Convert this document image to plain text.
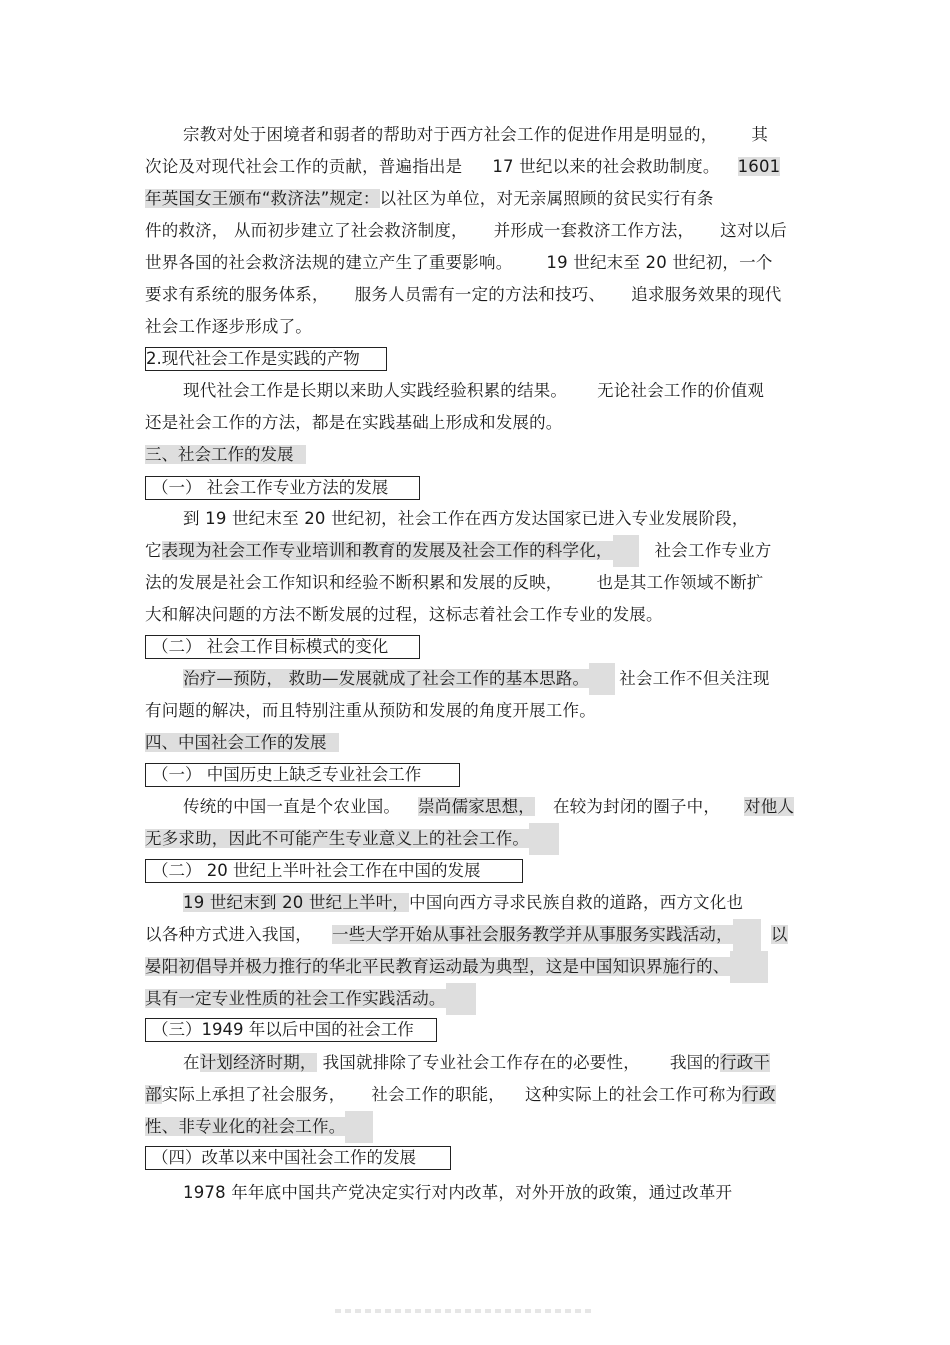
宗教对处于困境者和弱者的帮助对于西方社会工作的促进作用是明显的， 其
次论及对现代社会工作的贡献，普遍指出是 17 世纪以来的社会救助制度。 1601
年英国女王颁布“救济法”规定：以社区为单位，对无亲属照顾的贫民实行有条
件的救济， 从而初步建立了社会救济制度， 并形成一套救济工作方法， 这对以后
世界各国的社会救济法规的建立产生了重要影响。 19 世纪末至 20 世纪初，一个
要求有系统的服务体系， 服务人员需有一定的方法和技巧、 追求服务效果的现代
社会工作逐步形成了。
2.现代社会工作是实践的产物
现代社会工作是长期以来助人实践经验积累的结果。 无论社会工作的价值观
还是社会工作的方法，都是在实践基础上形成和发展的。
三、社会工作的发展
（一） 社会工作专业方法的发展
到 19 世纪末至 20 世纪初，社会工作在西方发达国家已进入专业发展阶段，
它表现为社会工作专业培训和教育的发展及社会工作的科学化，	社会工作专业方
法的发展是社会工作知识和经验不断积累和发展的反映， 也是其工作领域不断扩
大和解决问题的方法不断发展的过程，这标志着社会工作专业的发展。
（二） 社会工作目标模式的变化
治疗—预防， 救助—发展就成了社会工作的基本思路。 社会工作不但关注现
有问题的解决，而且特别注重从预防和发展的角度开展工作。
四、中国社会工作的发展
（一） 中国历史上缺乏专业社会工作
传统的中国一直是个农业国。 崇尚儒家思想， 在较为封闭的圈子中， 对他人
无多求助，因此不可能产生专业意义上的社会工作。
（二） 20 世纪上半叶社会工作在中国的发展
19 世纪末到 20 世纪上半叶，中国向西方寻求民族自救的道路，西方文化也
以各种方式进入我国， 一些大学开始从事社会服务教学并从事服务实践活动， 以
晏阳初倡导并极力推行的华北平民教育运动最为典型，这是中国知识界施行的、
具有一定专业性质的社会工作实践活动。
（三）1949 年以后中国的社会工作
在计划经济时期， 我国就排除了专业社会工作存在的必要性， 我国的行政干
部实际上承担了社会服务， 社会工作的职能， 这种实际上的社会工作可称为行政
性、非专业化的社会工作。
（四）改革以来中国社会工作的发展
1978 年年底中国共产党决定实行对内改革，对外开放的政策，通过改革开
